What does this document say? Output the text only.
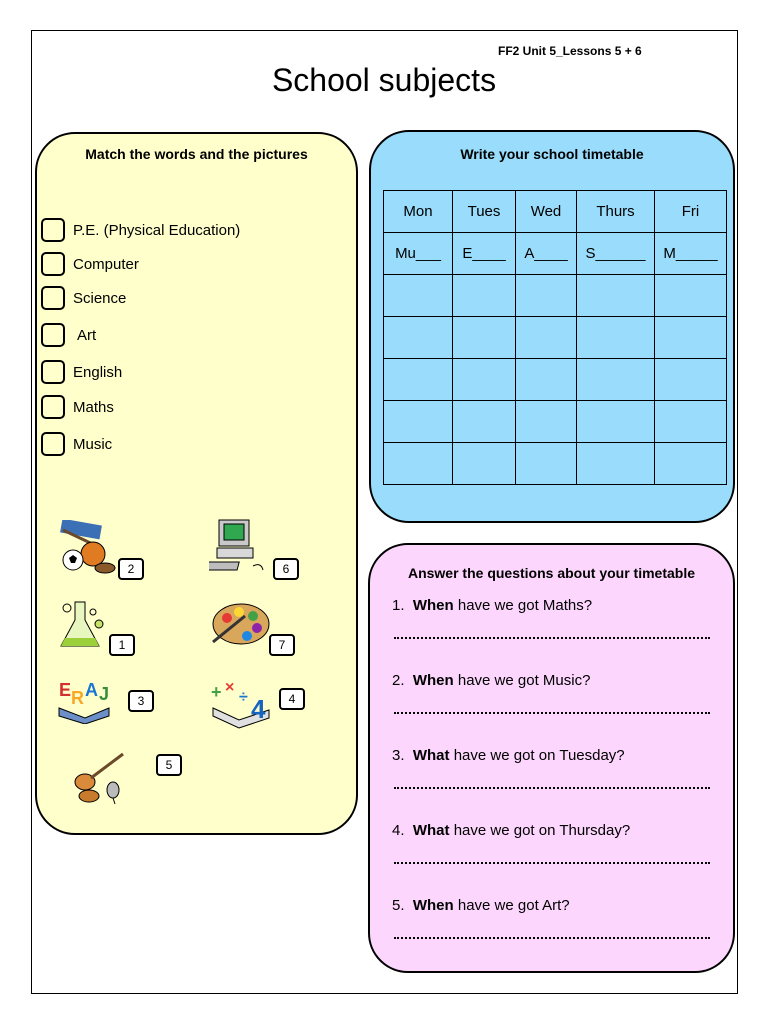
FF2 Unit 5_Lessons 5 + 6
School subjects
Match the words and the pictures
P.E. (Physical Education)
Computer
Science
Art
English
Maths
Music
2	6
1	7
E R A J	3	+ ×
÷ 4	4
5
Write your school timetable
Mon	Tues	Wed	Thurs	Fri
Mu___	E____	A____	S______	M_____

Answer the questions about your timetable
1. When have we got Maths?
2. When have we got Music?
3. What have we got on Tuesday?
4. What have we got on Thursday?
5. When have we got Art?
